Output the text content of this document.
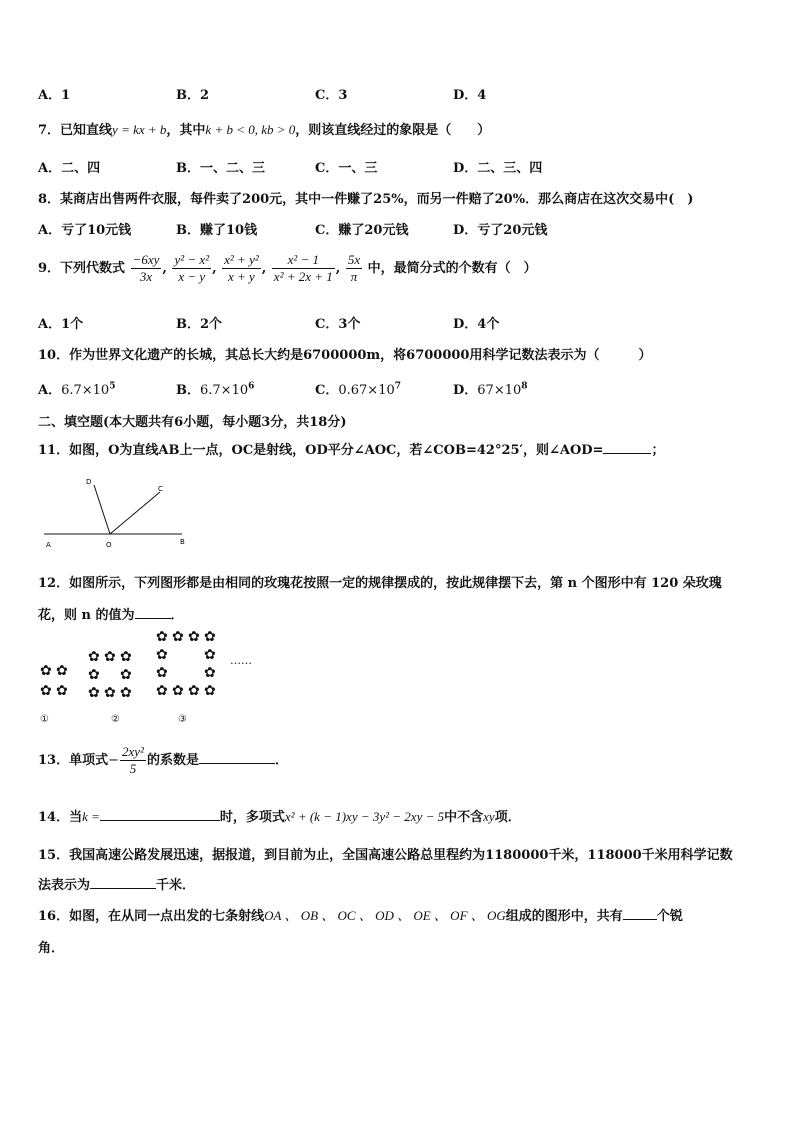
A．1	B．2	C．3	D．4
7．已知直线y = kx + b，其中k + b < 0, kb > 0，则该直线经过的象限是（　　）
A．二、四	B．一、二、三	C．一、三	D．二、三、四
8．某商店出售两件衣服，每件卖了200元，其中一件赚了25%，而另一件赔了20%．那么商店在这次交易中(　)
A．亏了10元钱	B．赚了10钱	C．赚了20元钱	D．亏了20元钱
9．下列代数式 $\frac{-6xy}{3x}$ , $\frac{\text{y² − x²}}{x - y}$ , $\frac{\text{x² + y²}}{x + y}$ , $\frac{\text{x² − 1}}{\text{x² + 2x + 1}}$ , $\frac{5x}{\pi}$ 中，最简分式的个数有（　）
A．1个	B．2个	C．3个	D．4个
10．作为世界文化遗产的长城，其总长大约是6700000m，将6700000用科学记数法表示为（　　　）
A．$6.7\times 10^5$	B．$6.7\times 10^6$	C．$0.67\times 10^7$	D．$67\times 10^8$
二、填空题(本大题共有6小题，每小题3分，共18分)
11．如图，O为直线AB上一点，OC是射线，OD平分∠AOC，若∠COB=42°25′，则∠AOD=	；
A	O	B
D
C
12．如图所示，下列图形都是由相同的玫瑰花按照一定的规律摆成的，按此规律摆下去，第 n 个图形中有 120 朵玫瑰
花，则 n 的值为	．
✿ ✿
✿ ✿
✿ ✿ ✿
✿ ✿
✿ ✿ ✿
✿ ✿ ✿ ✿
✿	✿
✿	✿
✿ ✿ ✿ ✿
……
①	②	③
13．单项式− $\frac{\text{2xy²}}{5}$ 的系数是	．
14．当k =	时，多项式x² + (k − 1)xy − 3y² − 2xy − 5中不含xy项．
15．我国高速公路发展迅速，据报道，到目前为止，全国高速公路总里程约为1180000千米，118000千米用科学记数
法表示为	千米．
16．如图，在从同一点出发的七条射线OA 、 OB 、 OC 、 OD 、 OE 、 OF 、 OG组成的图形中，共有	个锐
角．
